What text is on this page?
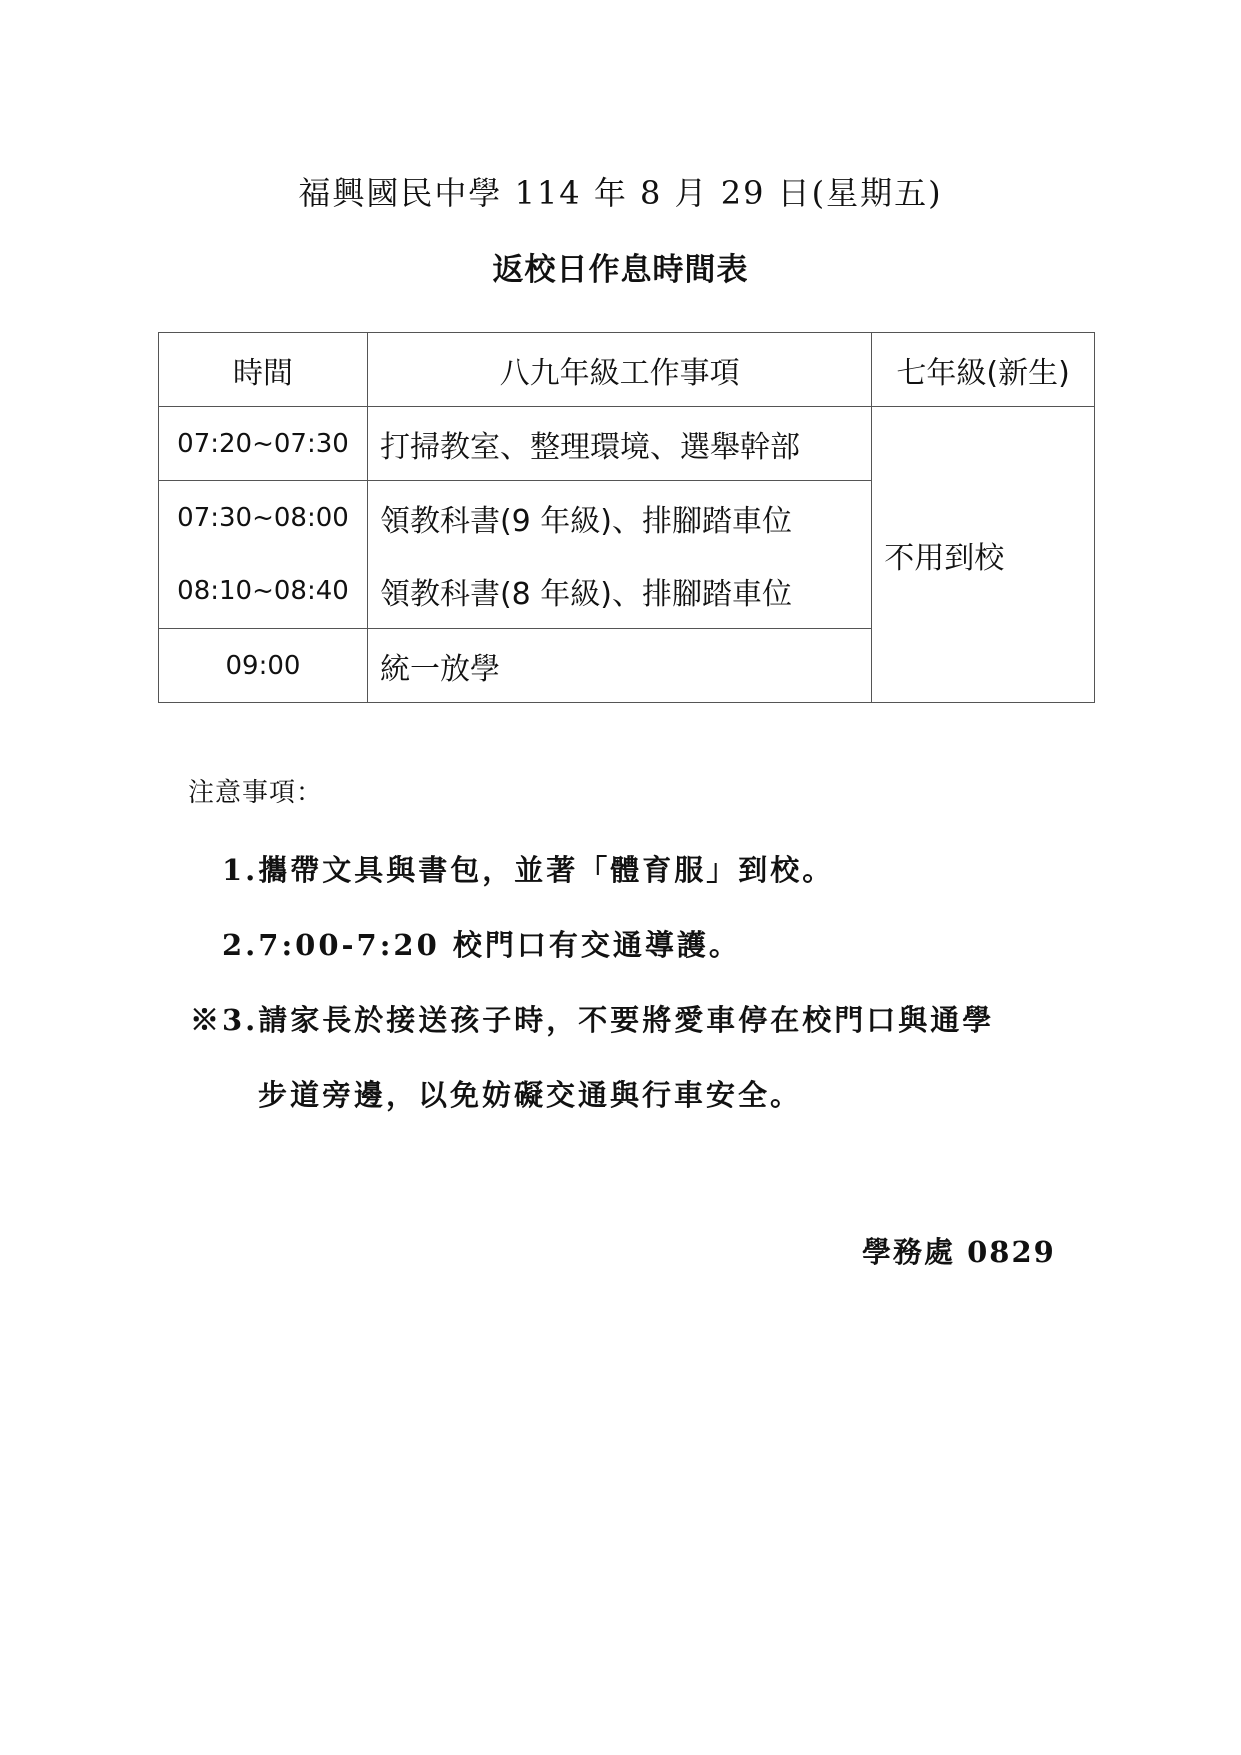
福興國民中學 114 年 8 月 29 日(星期五)
返校日作息時間表
時間	八九年級工作事項	七年級(新生)
07:20~07:30	打掃教室、整理環境、選舉幹部	不用到校
07:30~08:00	領教科書(9 年級)、排腳踏車位	
08:10~08:40	領教科書(8 年級)、排腳踏車位	
09:00	統一放學	
注意事項：
1.攜帶文具與書包，並著「體育服」到校。
2.7:00-7:20 校門口有交通導護。
※3.請家長於接送孩子時，不要將愛車停在校門口與通學
步道旁邊，以免妨礙交通與行車安全。
學務處 0829
